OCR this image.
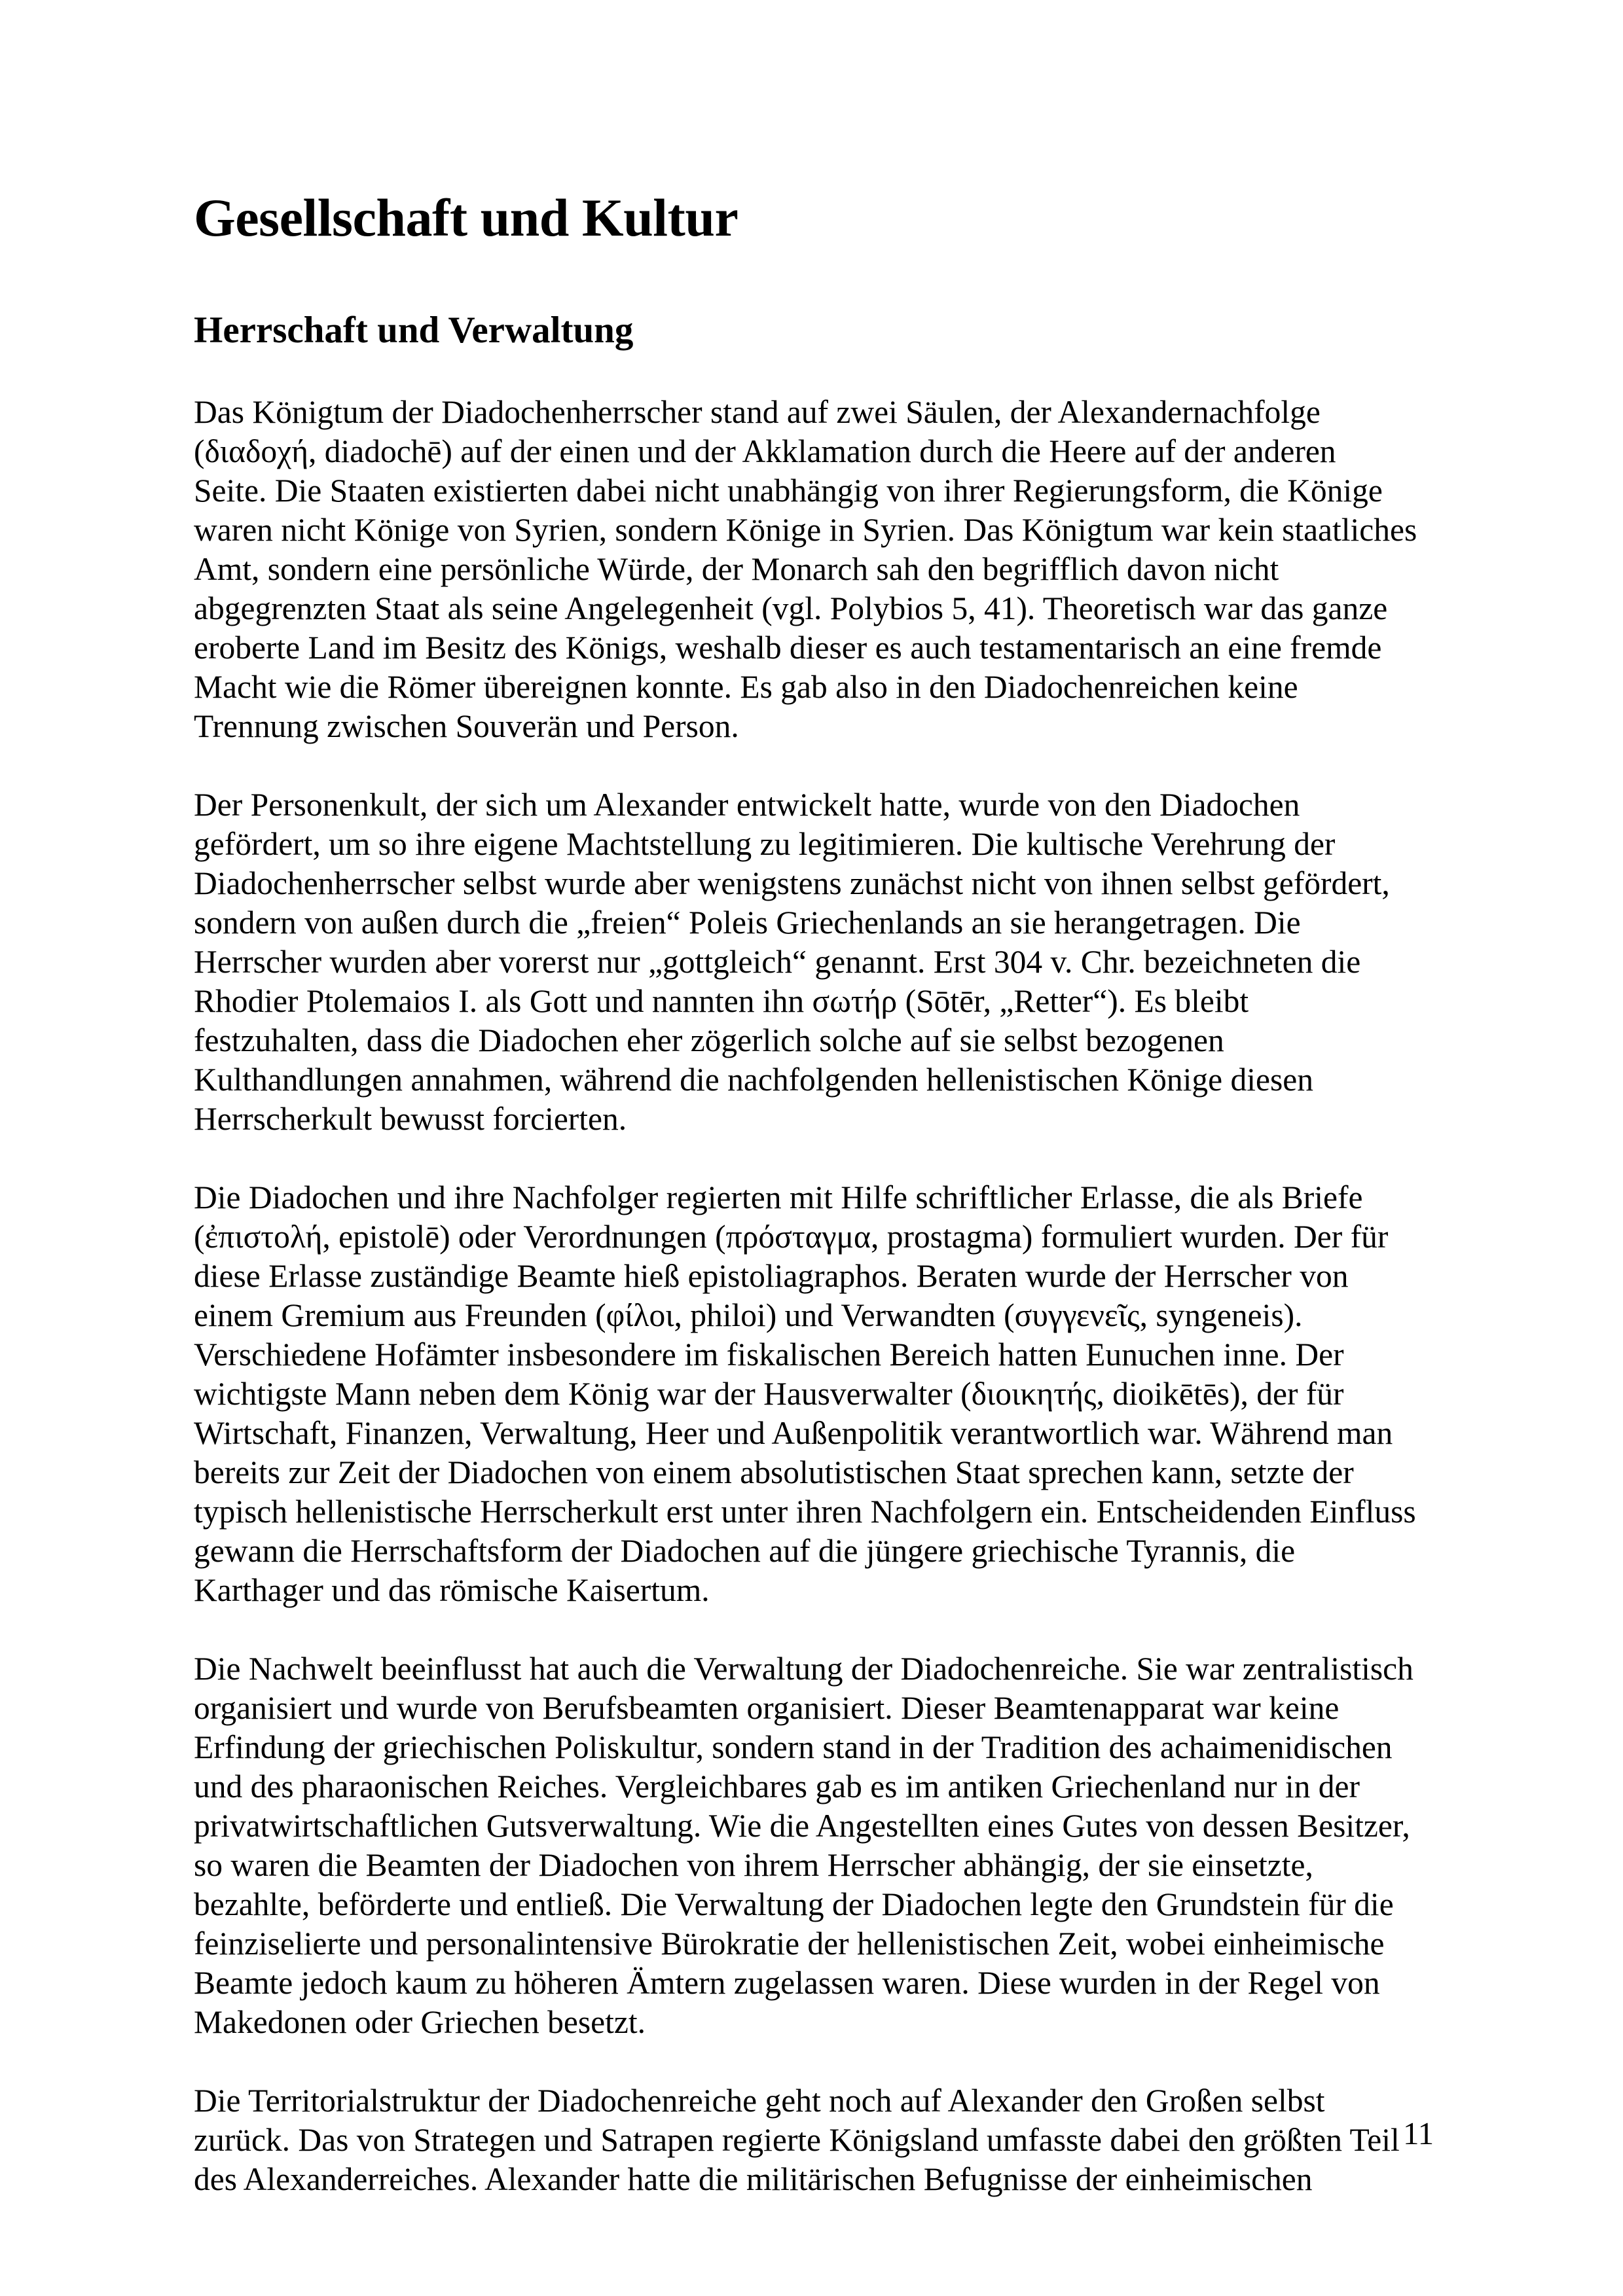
Gesellschaft und Kultur
Herrschaft und Verwaltung

Das Königtum der Diadochenherrscher stand auf zwei Säulen, der Alexandernachfolge
(διαδοχή, diadochē) auf der einen und der Akklamation durch die Heere auf der anderen
Seite. Die Staaten existierten dabei nicht unabhängig von ihrer Regierungsform, die Könige
waren nicht Könige von Syrien, sondern Könige in Syrien. Das Königtum war kein staatliches
Amt, sondern eine persönliche Würde, der Monarch sah den begrifflich davon nicht
abgegrenzten Staat als seine Angelegenheit (vgl. Polybios 5, 41). Theoretisch war das ganze
eroberte Land im Besitz des Königs, weshalb dieser es auch testamentarisch an eine fremde
Macht wie die Römer übereignen konnte. Es gab also in den Diadochenreichen keine
Trennung zwischen Souverän und Person.

Der Personenkult, der sich um Alexander entwickelt hatte, wurde von den Diadochen
gefördert, um so ihre eigene Machtstellung zu legitimieren. Die kultische Verehrung der
Diadochenherrscher selbst wurde aber wenigstens zunächst nicht von ihnen selbst gefördert,
sondern von außen durch die „freien“ Poleis Griechenlands an sie herangetragen. Die
Herrscher wurden aber vorerst nur „gottgleich“ genannt. Erst 304 v. Chr. bezeichneten die
Rhodier Ptolemaios I. als Gott und nannten ihn σωτήρ (Sōtēr, „Retter“). Es bleibt
festzuhalten, dass die Diadochen eher zögerlich solche auf sie selbst bezogenen
Kulthandlungen annahmen, während die nachfolgenden hellenistischen Könige diesen
Herrscherkult bewusst forcierten.

Die Diadochen und ihre Nachfolger regierten mit Hilfe schriftlicher Erlasse, die als Briefe
(ἐπιστολή, epistolē) oder Verordnungen (πρόσταγμα, prostagma) formuliert wurden. Der für
diese Erlasse zuständige Beamte hieß epistoliagraphos. Beraten wurde der Herrscher von
einem Gremium aus Freunden (φίλοι, philoi) und Verwandten (συγγενεῖς, syngeneis).
Verschiedene Hofämter insbesondere im fiskalischen Bereich hatten Eunuchen inne. Der
wichtigste Mann neben dem König war der Hausverwalter (διοικητής, dioikētēs), der für
Wirtschaft, Finanzen, Verwaltung, Heer und Außenpolitik verantwortlich war. Während man
bereits zur Zeit der Diadochen von einem absolutistischen Staat sprechen kann, setzte der
typisch hellenistische Herrscherkult erst unter ihren Nachfolgern ein. Entscheidenden Einfluss
gewann die Herrschaftsform der Diadochen auf die jüngere griechische Tyrannis, die
Karthager und das römische Kaisertum.

Die Nachwelt beeinflusst hat auch die Verwaltung der Diadochenreiche. Sie war zentralistisch
organisiert und wurde von Berufsbeamten organisiert. Dieser Beamtenapparat war keine
Erfindung der griechischen Poliskultur, sondern stand in der Tradition des achaimenidischen
und des pharaonischen Reiches. Vergleichbares gab es im antiken Griechenland nur in der
privatwirtschaftlichen Gutsverwaltung. Wie die Angestellten eines Gutes von dessen Besitzer,
so waren die Beamten der Diadochen von ihrem Herrscher abhängig, der sie einsetzte,
bezahlte, beförderte und entließ. Die Verwaltung der Diadochen legte den Grundstein für die
feinziselierte und personalintensive Bürokratie der hellenistischen Zeit, wobei einheimische
Beamte jedoch kaum zu höheren Ämtern zugelassen waren. Diese wurden in der Regel von
Makedonen oder Griechen besetzt.

Die Territorialstruktur der Diadochenreiche geht noch auf Alexander den Großen selbst
zurück. Das von Strategen und Satrapen regierte Königsland umfasste dabei den größten Teil
des Alexanderreiches. Alexander hatte die militärischen Befugnisse der einheimischen

11
